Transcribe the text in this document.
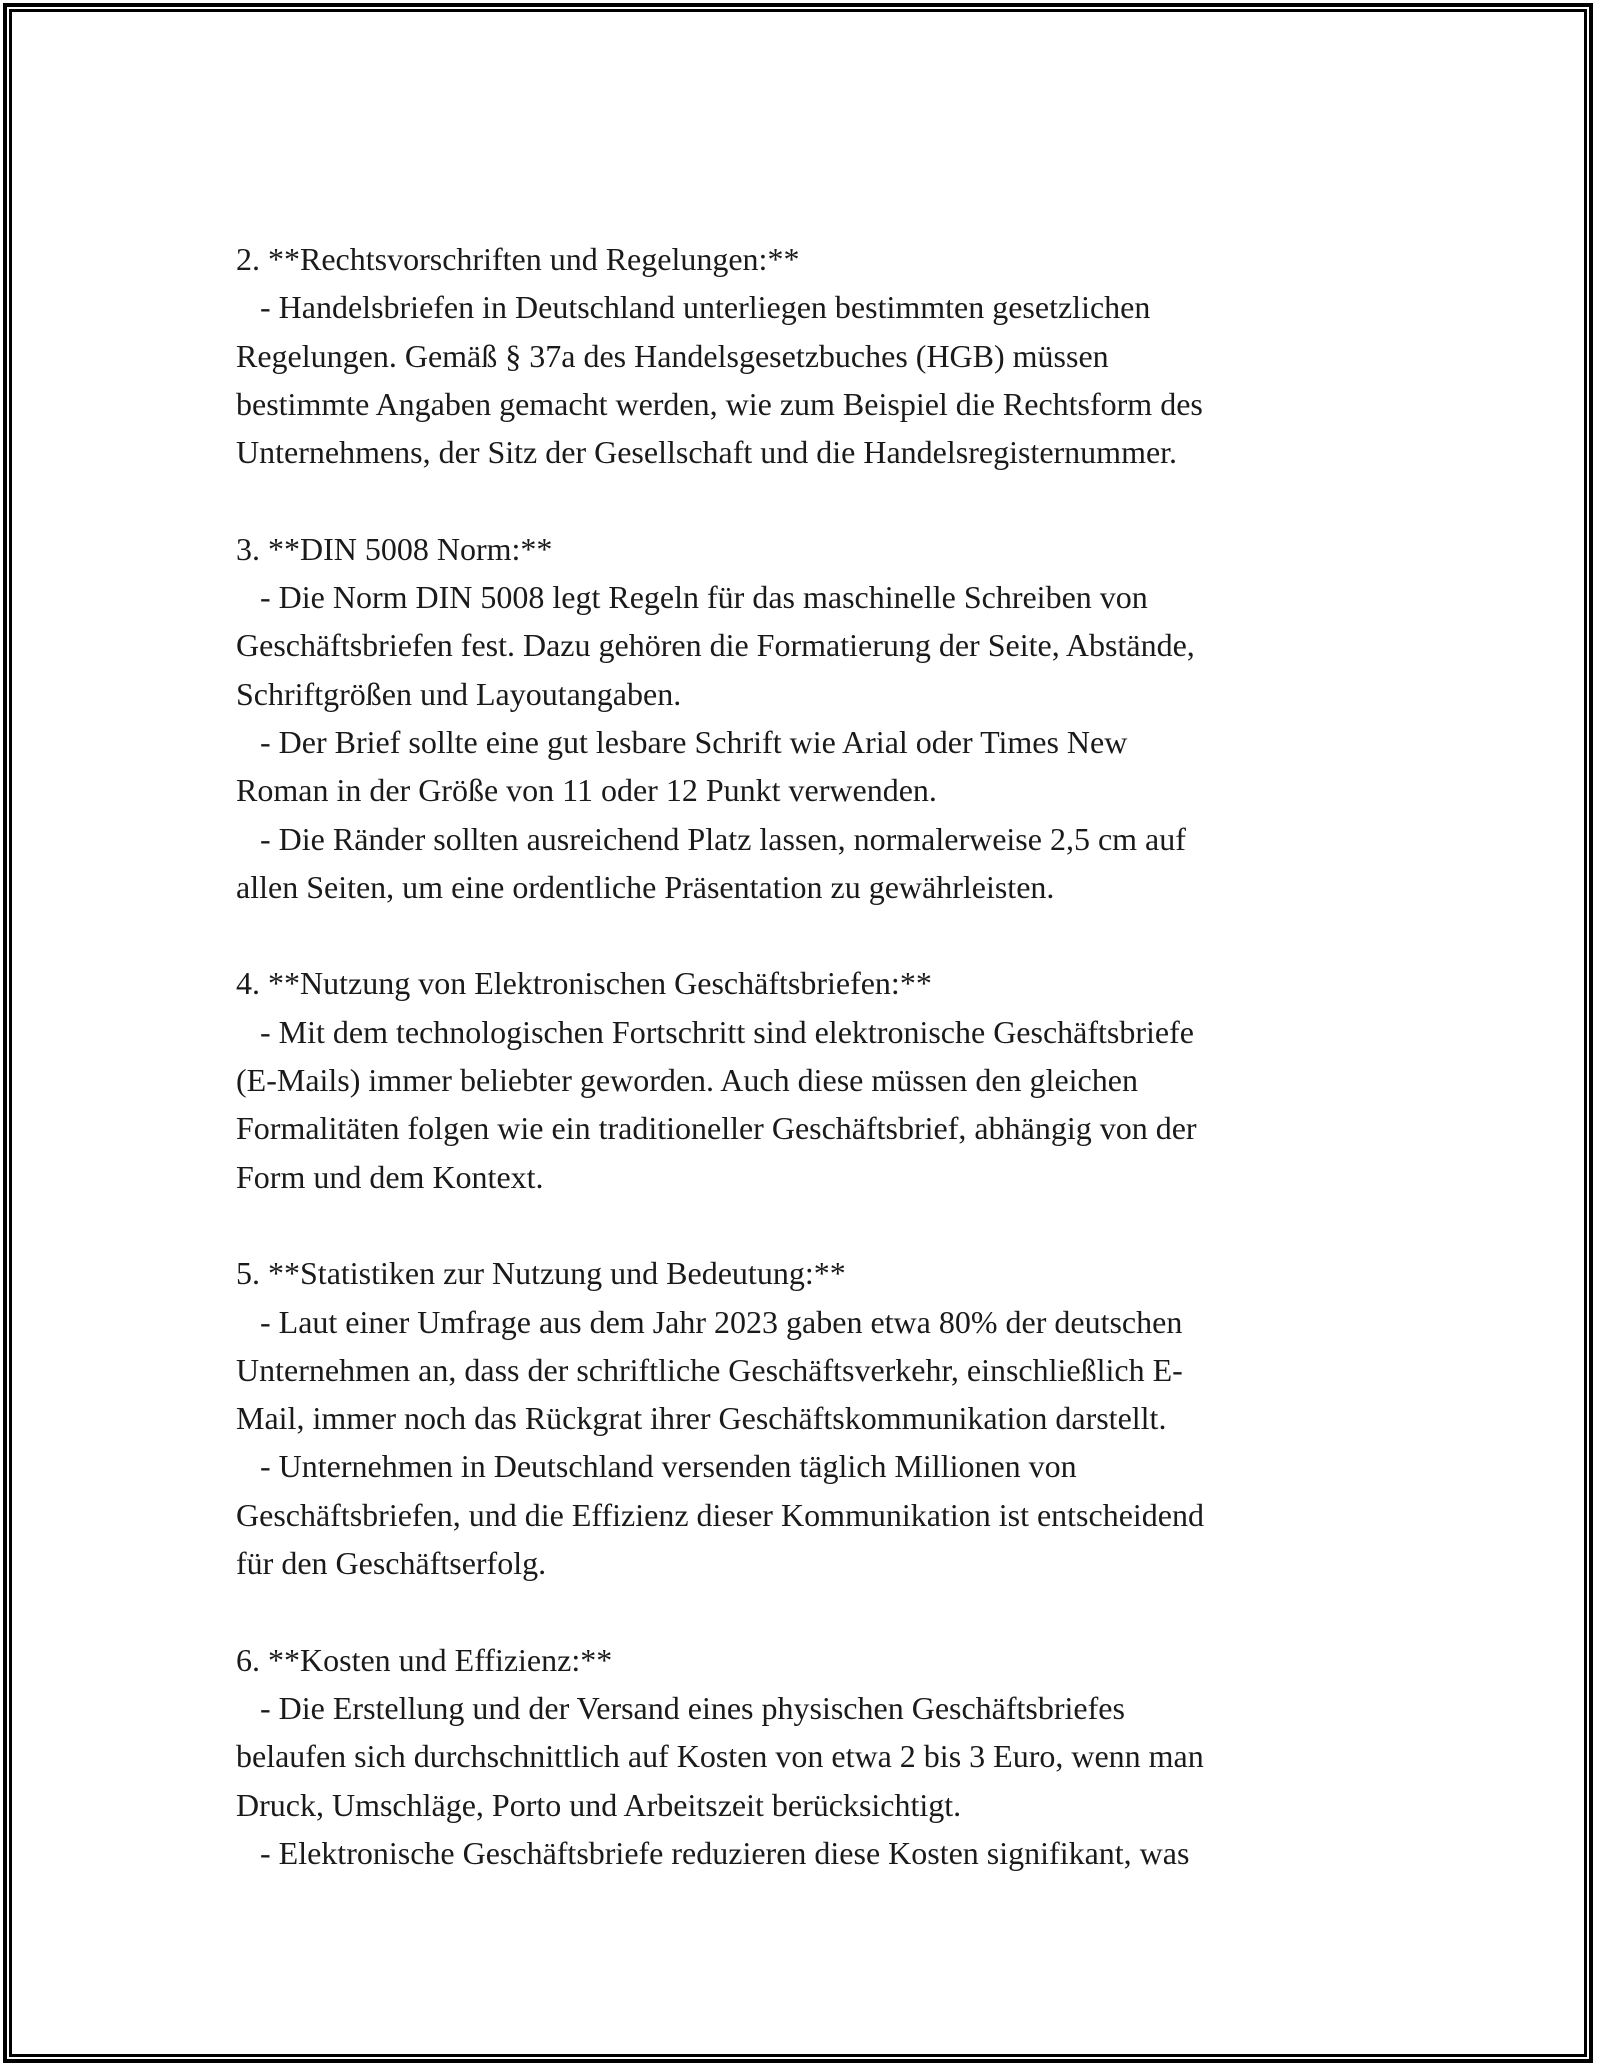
2. **Rechtsvorschriften und Regelungen:**

- Handelsbriefen in Deutschland unterliegen bestimmten gesetzlichen
Regelungen. Gemäß § 37a des Handelsgesetzbuches (HGB) müssen
bestimmte Angaben gemacht werden, wie zum Beispiel die Rechtsform des
Unternehmens, der Sitz der Gesellschaft und die Handelsregisternummer.

3. **DIN 5008 Norm:**

- Die Norm DIN 5008 legt Regeln für das maschinelle Schreiben von
Geschäftsbriefen fest. Dazu gehören die Formatierung der Seite, Abstände,
Schriftgrößen und Layoutangaben.

- Der Brief sollte eine gut lesbare Schrift wie Arial oder Times New
Roman in der Größe von 11 oder 12 Punkt verwenden.

- Die Ränder sollten ausreichend Platz lassen, normalerweise 2,5 cm auf
allen Seiten, um eine ordentliche Präsentation zu gewährleisten.

4. **Nutzung von Elektronischen Geschäftsbriefen:**

- Mit dem technologischen Fortschritt sind elektronische Geschäftsbriefe
(E-Mails) immer beliebter geworden. Auch diese müssen den gleichen
Formalitäten folgen wie ein traditioneller Geschäftsbrief, abhängig von der
Form und dem Kontext.

5. **Statistiken zur Nutzung und Bedeutung:**

- Laut einer Umfrage aus dem Jahr 2023 gaben etwa 80% der deutschen
Unternehmen an, dass der schriftliche Geschäftsverkehr, einschließlich E-
Mail, immer noch das Rückgrat ihrer Geschäftskommunikation darstellt.

- Unternehmen in Deutschland versenden täglich Millionen von
Geschäftsbriefen, und die Effizienz dieser Kommunikation ist entscheidend
für den Geschäftserfolg.

6. **Kosten und Effizienz:**

- Die Erstellung und der Versand eines physischen Geschäftsbriefes
belaufen sich durchschnittlich auf Kosten von etwa 2 bis 3 Euro, wenn man
Druck, Umschläge, Porto und Arbeitszeit berücksichtigt.

- Elektronische Geschäftsbriefe reduzieren diese Kosten signifikant, was
